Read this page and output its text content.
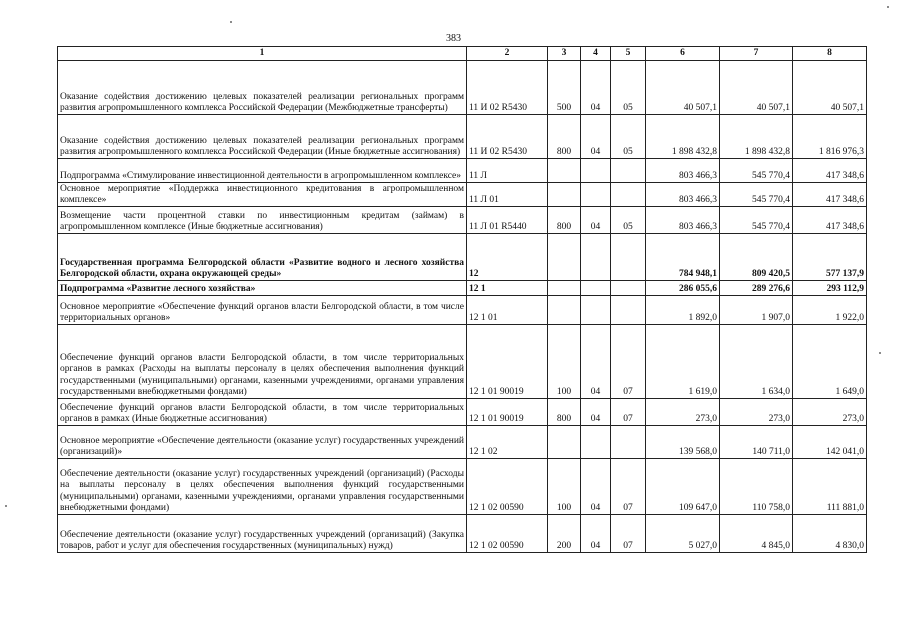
383
1	2	3	4	5	6	7	8
Оказание содействия достижению целевых показателей реализации региональных программ развития агропромышленного комплекса Российской Федерации (Межбюджетные трансферты)	11 И 02 R5430	500	04	05	40 507,1	40 507,1	40 507,1
Оказание содействия достижению целевых показателей реализации региональных программ развития агропромышленного комплекса Российской Федерации (Иные бюджетные ассигнования)	11 И 02 R5430	800	04	05	1 898 432,8	1 898 432,8	1 816 976,3
Подпрограмма «Стимулирование инвестиционной деятельности в агропромышленном комплексе»	11 Л				803 466,3	545 770,4	417 348,6
Основное мероприятие «Поддержка инвестиционного кредитования в агропромышленном комплексе»	11 Л 01				803 466,3	545 770,4	417 348,6
Возмещение части процентной ставки по инвестиционным кредитам (займам) в агропромышленном комплексе (Иные бюджетные ассигнования)	11 Л 01 R5440	800	04	05	803 466,3	545 770,4	417 348,6
Государственная программа Белгородской области «Развитие водного и лесного хозяйства Белгородской области, охрана окружающей среды»	12				784 948,1	809 420,5	577 137,9
Подпрограмма «Развитие лесного хозяйства»	12 1				286 055,6	289 276,6	293 112,9
Основное мероприятие «Обеспечение функций органов власти Белгородской области, в том числе территориальных органов»	12 1 01				1 892,0	1 907,0	1 922,0
Обеспечение функций органов власти Белгородской области, в том числе территориальных органов в рамках (Расходы на выплаты персоналу в целях обеспечения выполнения функций государственными (муниципальными) органами, казенными учреждениями, органами управления государственными внебюджетными фондами)	12 1 01 90019	100	04	07	1 619,0	1 634,0	1 649,0
Обеспечение функций органов власти Белгородской области, в том числе территориальных органов в рамках (Иные бюджетные ассигнования)	12 1 01 90019	800	04	07	273,0	273,0	273,0
Основное мероприятие «Обеспечение деятельности (оказание услуг) государственных учреждений (организаций)»	12 1 02				139 568,0	140 711,0	142 041,0
Обеспечение деятельности (оказание услуг) государственных учреждений (организаций) (Расходы на выплаты персоналу в целях обеспечения выполнения функций государственными (муниципальными) органами, казенными учреждениями, органами управления государственными внебюджетными фондами)	12 1 02 00590	100	04	07	109 647,0	110 758,0	111 881,0
Обеспечение деятельности (оказание услуг) государственных учреждений (организаций) (Закупка товаров, работ и услуг для обеспечения государственных (муниципальных) нужд)	12 1 02 00590	200	04	07	5 027,0	4 845,0	4 830,0
